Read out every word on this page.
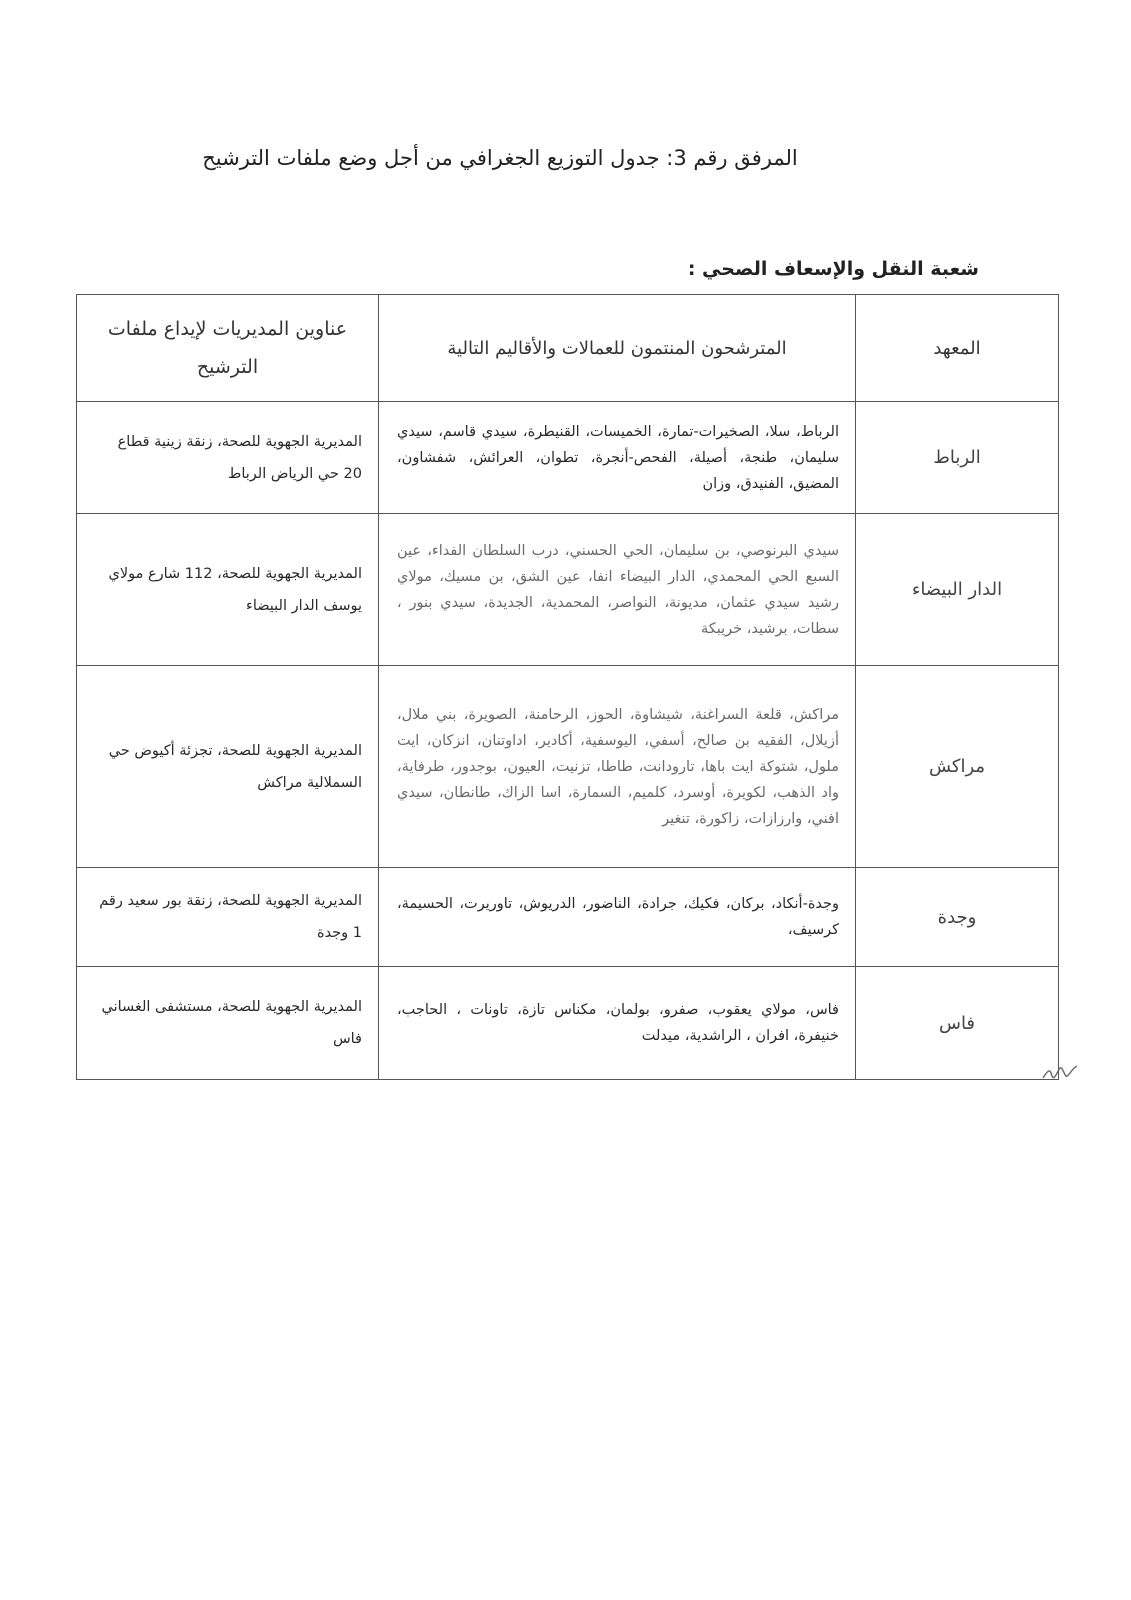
المرفق رقم 3: جدول التوزيع الجغرافي من أجل وضع ملفات الترشيح
شعبة النقل والإسعاف الصحي :
المعهد	المترشحون المنتمون للعمالات والأقاليم التالية	عناوين المديريات لإيداع ملفات الترشيح
الرباط	الرباط، سلا، الصخيرات-تمارة، الخميسات، القنيطرة، سيدي قاسم، سيدي سليمان، طنجة، أصيلة، الفحص-أنجرة، تطوان، العرائش، شفشاون، المضيق، الفنيدق، وزان	المديرية الجهوية للصحة، زنقة زينية قطاع 20 حي الرياض الرباط
الدار البيضاء	سيدي البرنوصي، بن سليمان، الحي الحسني، درب السلطان الفداء، عين السبع الحي المحمدي، الدار البيضاء انفا، عين الشق، بن مسيك، مولاي رشيد سيدي عثمان، مديونة، النواصر، المحمدية، الجديدة، سيدي بنور ، سطات، برشيد، خريبكة	المديرية الجهوية للصحة، 112 شارع مولاي يوسف الدار البيضاء
مراكش	مراكش، قلعة السراغنة، شيشاوة، الحوز، الرحامنة، الصويرة، بني ملال، أزيلال، الفقيه بن صالح، أسفي، اليوسفية، أكادير، اداوتنان، انزكان، ايت ملول، شتوكة ايت باها، تارودانت، طاطا، تزنيت، العيون، بوجدور، طرفاية، واد الذهب، لكويرة، أوسرد، كلميم، السمارة، اسا الزاك، طانطان، سيدي افني، وارزازات، زاكورة، تنغير	المديرية الجهوية للصحة، تجزئة أكيوض حي السملالية مراكش
وجدة	وجدة-أنكاد، بركان، فكيك، جرادة، الناضور، الدريوش، تاوريرت، الحسيمة، كرسيف،	المديرية الجهوية للصحة، زنقة بور سعيد رقم 1 وجدة
فاس	فاس، مولاي يعقوب، صفرو، بولمان، مكناس تازة، تاونات ، الحاجب، خنيفرة، افران ، الراشدية، ميدلت	المديرية الجهوية للصحة، مستشفى الغساني فاس
